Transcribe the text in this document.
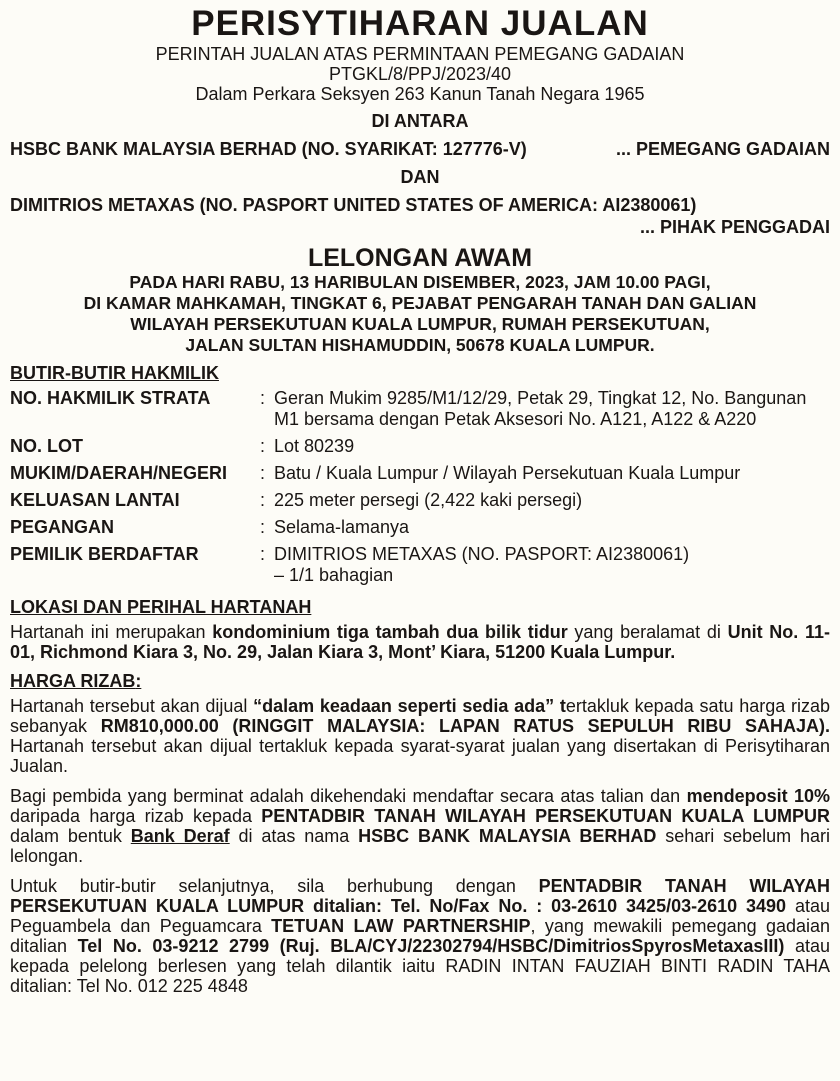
PERISYTIHARAN JUALAN
PERINTAH JUALAN ATAS PERMINTAAN PEMEGANG GADAIAN
PTGKL/8/PPJ/2023/40
Dalam Perkara Seksyen 263 Kanun Tanah Negara 1965
DI ANTARA
HSBC BANK MALAYSIA BERHAD (NO. SYARIKAT: 127776-V)	... PEMEGANG GADAIAN
DAN
DIMITRIOS METAXAS (NO. PASPORT UNITED STATES OF AMERICA: AI2380061)
... PIHAK PENGGADAI
LELONGAN AWAM
PADA HARI RABU, 13 HARIBULAN DISEMBER, 2023, JAM 10.00 PAGI,
DI KAMAR MAHKAMAH, TINGKAT 6, PEJABAT PENGARAH TANAH DAN GALIAN
WILAYAH PERSEKUTUAN KUALA LUMPUR, RUMAH PERSEKUTUAN,
JALAN SULTAN HISHAMUDDIN, 50678 KUALA LUMPUR.
BUTIR-BUTIR HAKMILIK
NO. HAKMILIK STRATA	: Geran Mukim 9285/M1/12/29, Petak 29, Tingkat 12, No. Bangunan
M1 bersama dengan Petak Aksesori No. A121, A122 & A220
NO. LOT	: Lot 80239
MUKIM/DAERAH/NEGERI	: Batu / Kuala Lumpur / Wilayah Persekutuan Kuala Lumpur
KELUASAN LANTAI	: 225 meter persegi (2,422 kaki persegi)
PEGANGAN	: Selama-lamanya
PEMILIK BERDAFTAR	: DIMITRIOS METAXAS (NO. PASPORT: AI2380061)
– 1/1 bahagian
LOKASI DAN PERIHAL HARTANAH
Hartanah ini merupakan kondominium tiga tambah dua bilik tidur yang beralamat di Unit No. 11-01, Richmond Kiara 3, No. 29, Jalan Kiara 3, Mont’ Kiara, 51200 Kuala Lumpur.
HARGA RIZAB:
Hartanah tersebut akan dijual “dalam keadaan seperti sedia ada” tertakluk kepada satu harga rizab sebanyak RM810,000.00 (RINGGIT MALAYSIA: LAPAN RATUS SEPULUH RIBU SAHAJA). Hartanah tersebut akan dijual tertakluk kepada syarat-syarat jualan yang disertakan di Perisytiharan Jualan.
Bagi pembida yang berminat adalah dikehendaki mendaftar secara atas talian dan mendeposit 10% daripada harga rizab kepada PENTADBIR TANAH WILAYAH PERSEKUTUAN KUALA LUMPUR dalam bentuk Bank Deraf di atas nama HSBC BANK MALAYSIA BERHAD sehari sebelum hari lelongan.
Untuk butir-butir selanjutnya, sila berhubung dengan PENTADBIR TANAH WILAYAH PERSEKUTUAN KUALA LUMPUR ditalian: Tel. No/Fax No. : 03-2610 3425/03-2610 3490 atau Peguambela dan Peguamcara TETUAN LAW PARTNERSHIP, yang mewakili pemegang gadaian ditalian Tel No. 03-9212 2799 (Ruj. BLA/CYJ/22302794/HSBC/DimitriosSpyrosMetaxasIII) atau kepada pelelong berlesen yang telah dilantik iaitu RADIN INTAN FAUZIAH BINTI RADIN TAHA ditalian: Tel No. 012 225 4848
